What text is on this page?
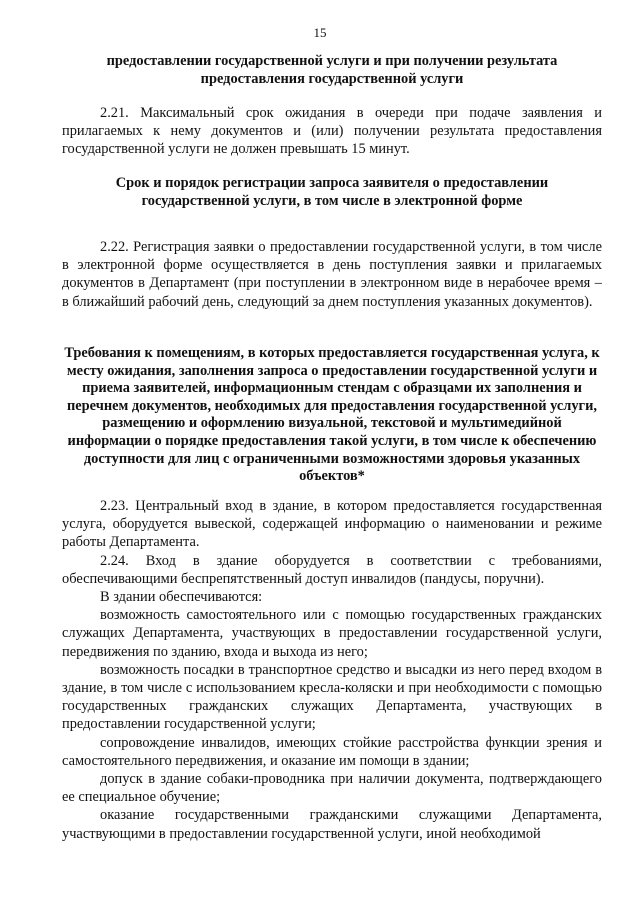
15

предоставлении государственной услуги и при получении результата предоставления государственной услуги

2.21. Максимальный срок ожидания в очереди при подаче заявления и прилагаемых к нему документов и (или) получении результата предоставления государственной услуги не должен превышать 15 минут.

Срок и порядок регистрации запроса заявителя о предоставлении государственной услуги, в том числе в электронной форме

2.22. Регистрация заявки о предоставлении государственной услуги, в том числе в электронной форме осуществляется в день поступления заявки и прилагаемых документов в Департамент (при поступлении в электронном виде в нерабочее время – в ближайший рабочий день, следующий за днем поступления указанных документов).

Требования к помещениям, в которых предоставляется государственная услуга, к месту ожидания, заполнения запроса о предоставлении государственной услуги и приема заявителей, информационным стендам с образцами их заполнения и перечнем документов, необходимых для предоставления государственной услуги, размещению и оформлению визуальной, текстовой и мультимедийной информации о порядке предоставления такой услуги, в том числе к обеспечению доступности для лиц с ограниченными возможностями здоровья указанных объектов*

2.23. Центральный вход в здание, в котором предоставляется государственная услуга, оборудуется вывеской, содержащей информацию о наименовании и режиме работы Департамента.

2.24. Вход в здание оборудуется в соответствии с требованиями, обеспечивающими беспрепятственный доступ инвалидов (пандусы, поручни).

В здании обеспечиваются:

возможность самостоятельного или с помощью государственных гражданских служащих Департамента, участвующих в предоставлении государственной услуги, передвижения по зданию, входа и выхода из него;

возможность посадки в транспортное средство и высадки из него перед входом в здание, в том числе с использованием кресла-коляски и при необходимости с помощью государственных гражданских служащих Департамента, участвующих в предоставлении государственной услуги;

сопровождение инвалидов, имеющих стойкие расстройства функции зрения и самостоятельного передвижения, и оказание им помощи в здании;

допуск в здание собаки-проводника при наличии документа, подтверждающего ее специальное обучение;

оказание государственными гражданскими служащими Департамента, участвующими в предоставлении государственной услуги, иной необходимой
